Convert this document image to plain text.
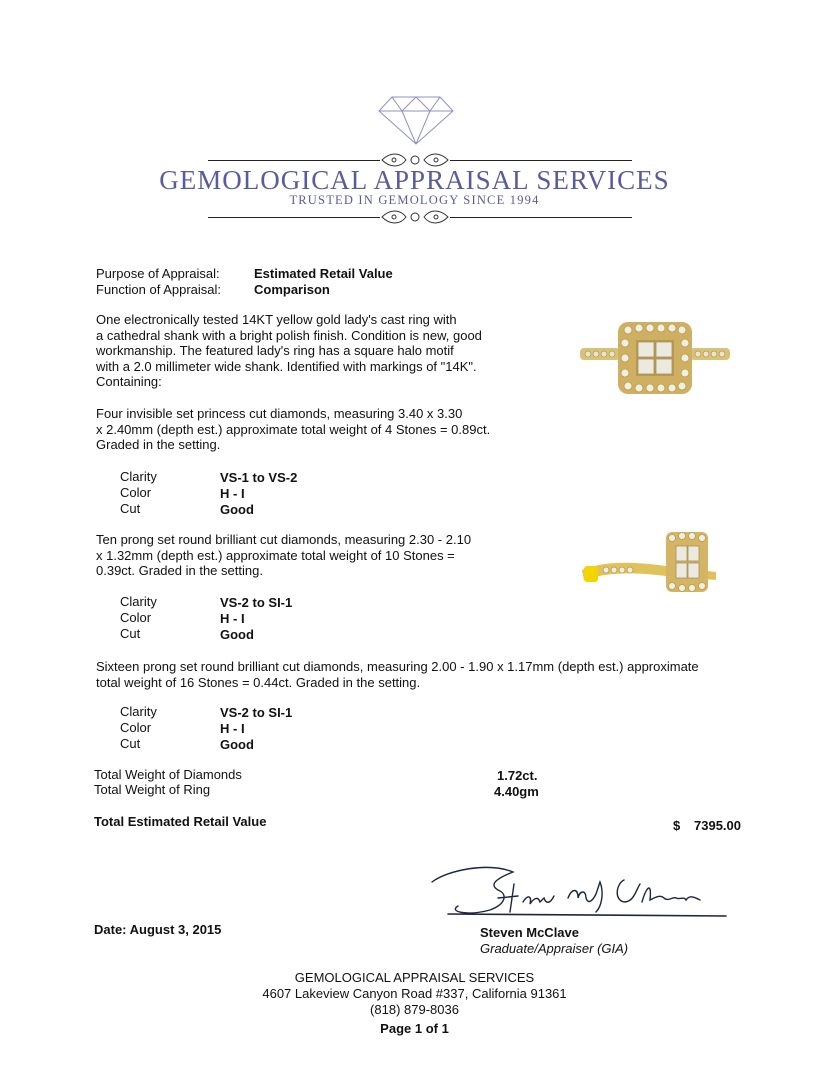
GEMOLOGICAL APPRAISAL SERVICES
TRUSTED IN GEMOLOGY SINCE 1994
Purpose of Appraisal:	Estimated Retail Value
Function of Appraisal:	Comparison
One electronically tested 14KT yellow gold lady's cast ring with
a cathedral shank with a bright polish finish. Condition is new, good
workmanship. The featured lady's ring has a square halo motif
with a 2.0 millimeter wide shank. Identified with markings of "14K".
Containing:
Four invisible set princess cut diamonds, measuring 3.40 x 3.30
x 2.40mm (depth est.) approximate total weight of 4 Stones = 0.89ct.
Graded in the setting.
Clarity	VS-1 to VS-2
Color	H - I
Cut	Good
Ten prong set round brilliant cut diamonds, measuring 2.30 - 2.10
x 1.32mm (depth est.) approximate total weight of 10 Stones =
0.39ct. Graded in the setting.
Clarity	VS-2 to SI-1
Color	H - I
Cut	Good
Sixteen prong set round brilliant cut diamonds, measuring 2.00 - 1.90 x 1.17mm (depth est.) approximate
total weight of 16 Stones = 0.44ct. Graded in the setting.
Clarity	VS-2 to SI-1
Color	H - I
Cut	Good
Total Weight of Diamonds	1.72ct.
Total Weight of Ring	4.40gm
Total Estimated Retail Value	$ 7395.00
Date: August 3, 2015	Steven McClave
Graduate/Appraiser (GIA)
GEMOLOGICAL APPRAISAL SERVICES
4607 Lakeview Canyon Road #337, California 91361
(818) 879-8036
Page 1 of 1
